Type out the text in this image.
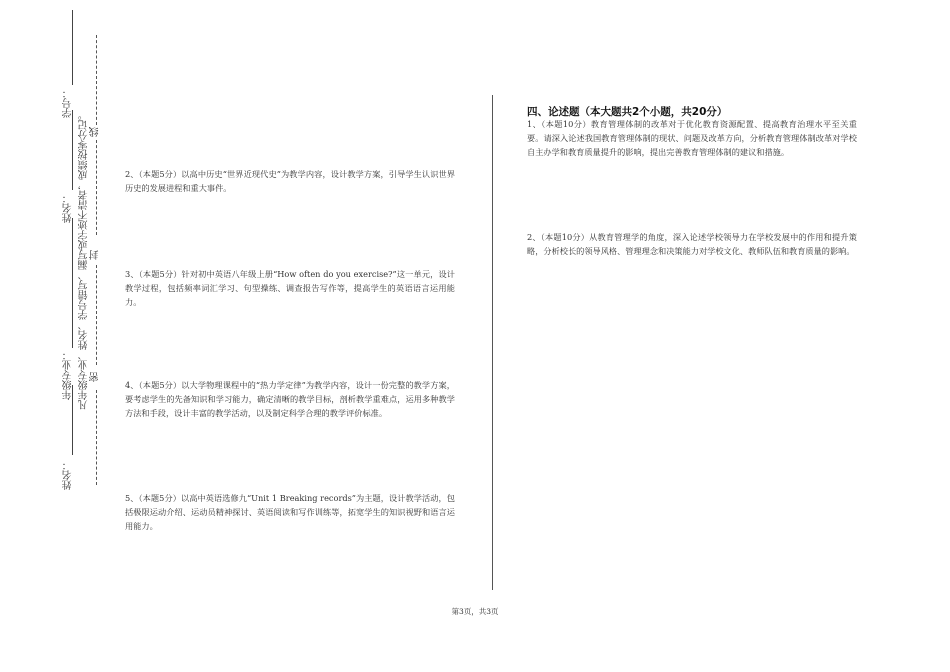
学号：
姓名：
年级专业：
姓名：
凡年级专业、姓名、学号错写、漏写或字迹不清者，成绩按零分记。 线
封
密

2、（本题5分）以高中历史“世界近现代史”为教学内容，设计教学方案，引导学生认识世界历史的发展进程和重大事件。

3、（本题5分）针对初中英语八年级上册“How often do you exercise?”这一单元，设计教学过程，包括频率词汇学习、句型操练、调查报告写作等，提高学生的英语语言运用能力。

4、（本题5分）以大学物理课程中的“热力学定律”为教学内容，设计一份完整的教学方案，要考虑学生的先备知识和学习能力，确定清晰的教学目标，剖析教学重难点，运用多种教学方法和手段，设计丰富的教学活动，以及制定科学合理的教学评价标准。

5、（本题5分）以高中英语选修九“Unit 1 Breaking records”为主题，设计教学活动，包括极限运动介绍、运动员精神探讨、英语阅读和写作训练等，拓宽学生的知识视野和语言运用能力。

四、论述题（本大题共2个小题，共20分）

1、（本题10分）教育管理体制的改革对于优化教育资源配置、提高教育治理水平至关重要。请深入论述我国教育管理体制的现状、问题及改革方向，分析教育管理体制改革对学校自主办学和教育质量提升的影响，提出完善教育管理体制的建议和措施。

2、（本题10分）从教育管理学的角度，深入论述学校领导力在学校发展中的作用和提升策略，分析校长的领导风格、管理理念和决策能力对学校文化、教师队伍和教育质量的影响。

第3页，共3页
